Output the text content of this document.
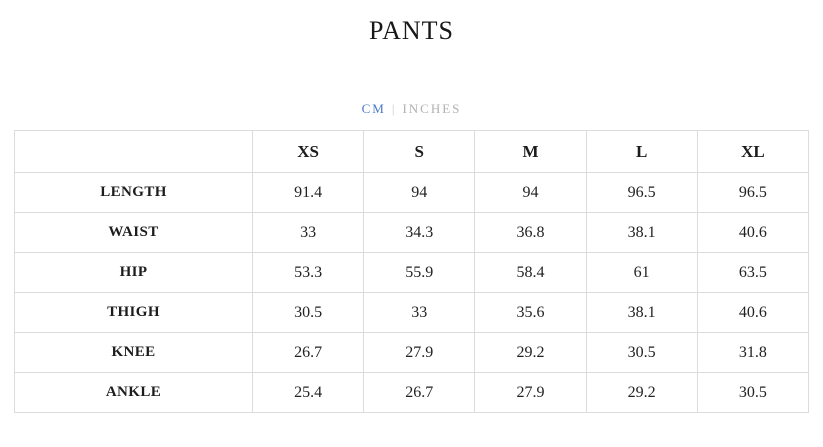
PANTS
CM | INCHES
	XS	S	M	L	XL
LENGTH	91.4	94	94	96.5	96.5
WAIST	33	34.3	36.8	38.1	40.6
HIP	53.3	55.9	58.4	61	63.5
THIGH	30.5	33	35.6	38.1	40.6
KNEE	26.7	27.9	29.2	30.5	31.8
ANKLE	25.4	26.7	27.9	29.2	30.5
